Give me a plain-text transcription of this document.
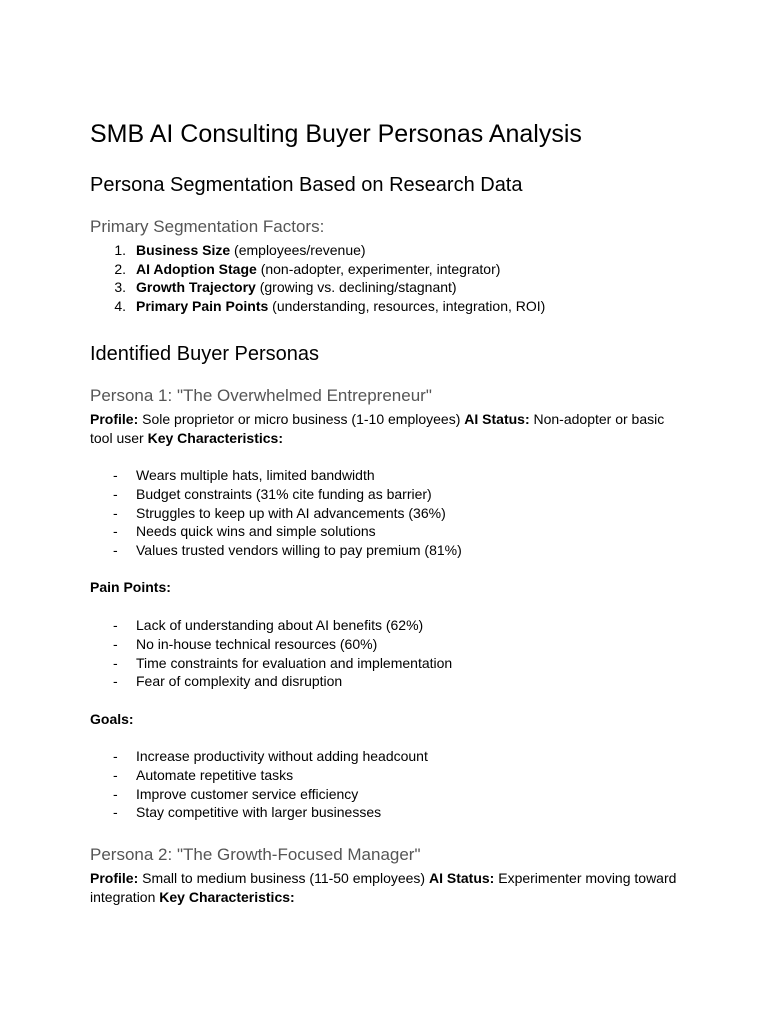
SMB AI Consulting Buyer Personas Analysis
Persona Segmentation Based on Research Data
Primary Segmentation Factors:
1. Business Size (employees/revenue)
2. AI Adoption Stage (non-adopter, experimenter, integrator)
3. Growth Trajectory (growing vs. declining/stagnant)
4. Primary Pain Points (understanding, resources, integration, ROI)
Identified Buyer Personas
Persona 1: "The Overwhelmed Entrepreneur"
Profile: Sole proprietor or micro business (1-10 employees) AI Status: Non-adopter or basic tool user Key Characteristics:
- Wears multiple hats, limited bandwidth
- Budget constraints (31% cite funding as barrier)
- Struggles to keep up with AI advancements (36%)
- Needs quick wins and simple solutions
- Values trusted vendors willing to pay premium (81%)
Pain Points:
- Lack of understanding about AI benefits (62%)
- No in-house technical resources (60%)
- Time constraints for evaluation and implementation
- Fear of complexity and disruption
Goals:
- Increase productivity without adding headcount
- Automate repetitive tasks
- Improve customer service efficiency
- Stay competitive with larger businesses
Persona 2: "The Growth-Focused Manager"
Profile: Small to medium business (11-50 employees) AI Status: Experimenter moving toward integration Key Characteristics:
